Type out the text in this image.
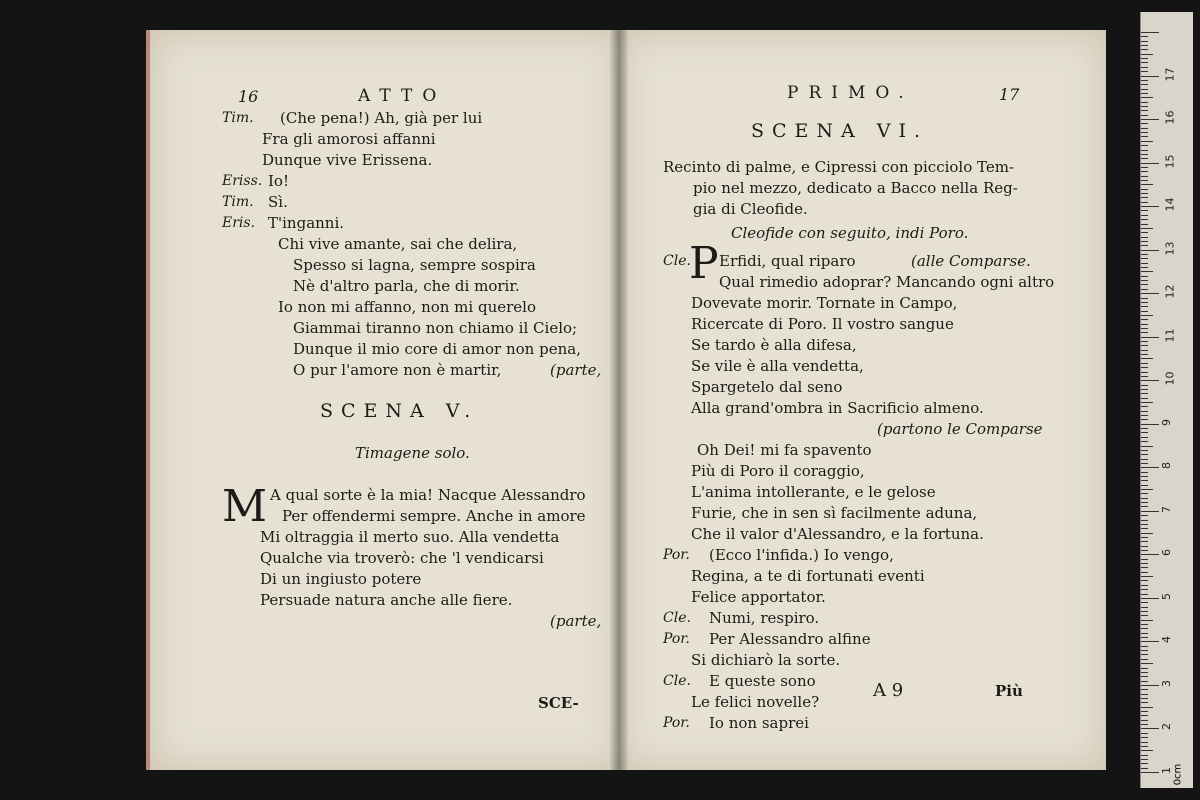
16	ATTO
Tim. (Che pena!) Ah, già per lui
Fra gli amorosi affanni
Dunque vive Erissena.
Eriss. Io!
Tim. Sì.
Eris. T'inganni.
Chi vive amante, sai che delira,
Spesso si lagna, sempre sospira
Nè d'altro parla, che di morir.
Io non mi affanno, non mi querelo
Giammai tiranno non chiamo il Cielo;
Dunque il mio core di amor non pena,
O pur l'amore non è martir,	(parte,
SCENA V.
Timagene solo.
M A qual sorte è la mia! Nacque Alessandro
Per offendermi sempre. Anche in amore
Mi oltraggia il merto suo. Alla vendetta
Qualche via troverò: che 'l vendicarsi
Di un ingiusto potere
Persuade natura anche alle fiere.
(parte,
SCE-
PRIMO.	17
SCENA VI.
Recinto di palme, e Cipressi con picciolo Tem-
pio nel mezzo, dedicato a Bacco nella Reg-
gia di Cleofide.
Cleofide con seguito, indi Poro.
Cle.
P Erfidi, qual riparo	(alle Comparse.
Qual rimedio adoprar? Mancando ogni altro
Dovevate morir. Tornate in Campo,
Ricercate di Poro. Il vostro sangue
Se tardo è alla difesa,
Se vile è alla vendetta,
Spargetelo dal seno
Alla grand'ombra in Sacrificio almeno.
(partono le Comparse
Oh Dei! mi fa spavento
Più di Poro il coraggio,
L'anima intollerante, e le gelose
Furie, che in sen sì facilmente aduna,
Che il valor d'Alessandro, e la fortuna.
Por. (Ecco l'infida.) Io vengo,
Regina, a te di fortunati eventi
Felice apportator.
Cle. Numi, respiro.
Por. Per Alessandro alfine
Si dichiarò la sorte.
Cle. E queste sono
Le felici novelle?
Por. Io non saprei
A 9	Più
0cm
17
16
15
14
13
12
11
10
9
8
7
6
5
4
3
2
1
